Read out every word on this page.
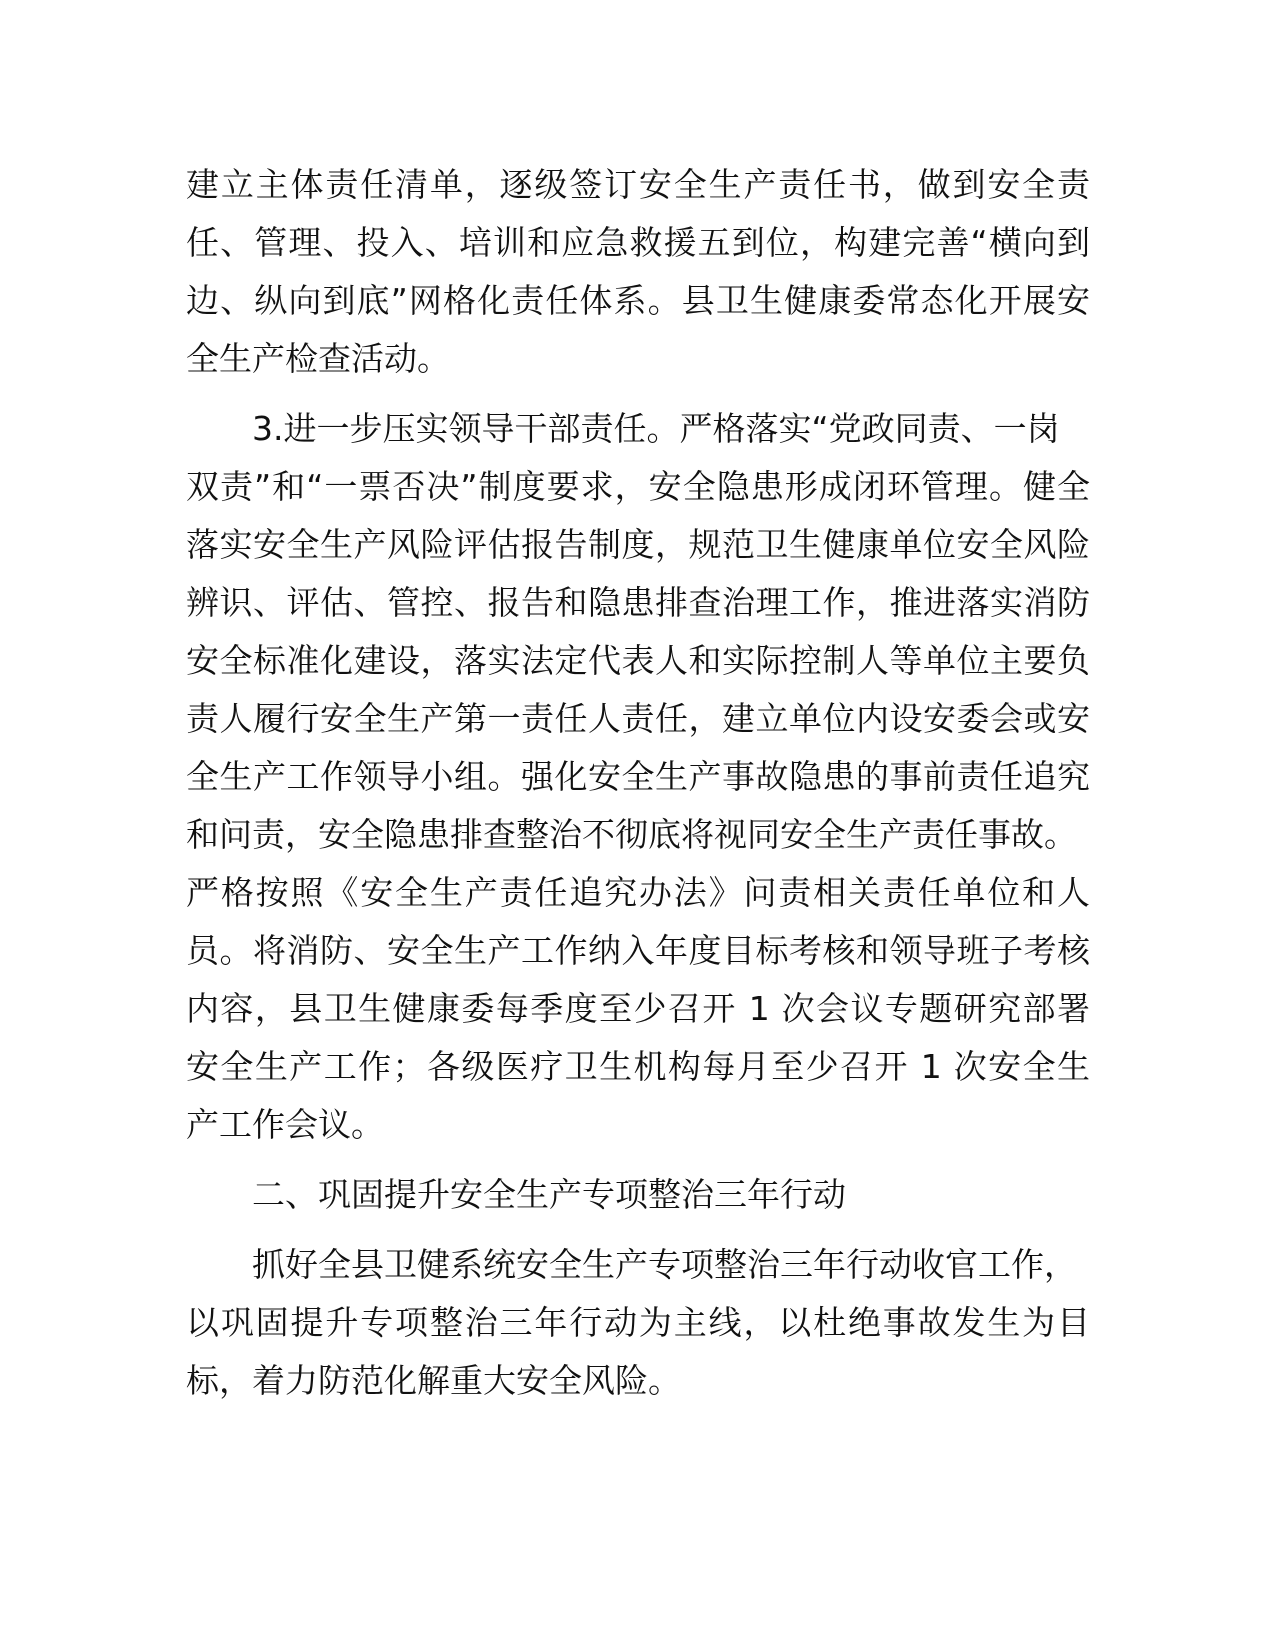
建立主体责任清单，逐级签订安全生产责任书，做到安全责
任、管理、投入、培训和应急救援五到位，构建完善“横向到
边、纵向到底”网格化责任体系。县卫生健康委常态化开展安
全生产检查活动。
3.进一步压实领导干部责任。严格落实“党政同责、一岗
双责”和“一票否决”制度要求，安全隐患形成闭环管理。健全
落实安全生产风险评估报告制度，规范卫生健康单位安全风险
辨识、评估、管控、报告和隐患排查治理工作，推进落实消防
安全标准化建设，落实法定代表人和实际控制人等单位主要负
责人履行安全生产第一责任人责任，建立单位内设安委会或安
全生产工作领导小组。强化安全生产事故隐患的事前责任追究
和问责，安全隐患排查整治不彻底将视同安全生产责任事故。
严格按照《安全生产责任追究办法》问责相关责任单位和人
员。将消防、安全生产工作纳入年度目标考核和领导班子考核
内容，县卫生健康委每季度至少召开 1 次会议专题研究部署
安全生产工作；各级医疗卫生机构每月至少召开 1 次安全生
产工作会议。
二、巩固提升安全生产专项整治三年行动
抓好全县卫健系统安全生产专项整治三年行动收官工作，
以巩固提升专项整治三年行动为主线，以杜绝事故发生为目
标，着力防范化解重大安全风险。
